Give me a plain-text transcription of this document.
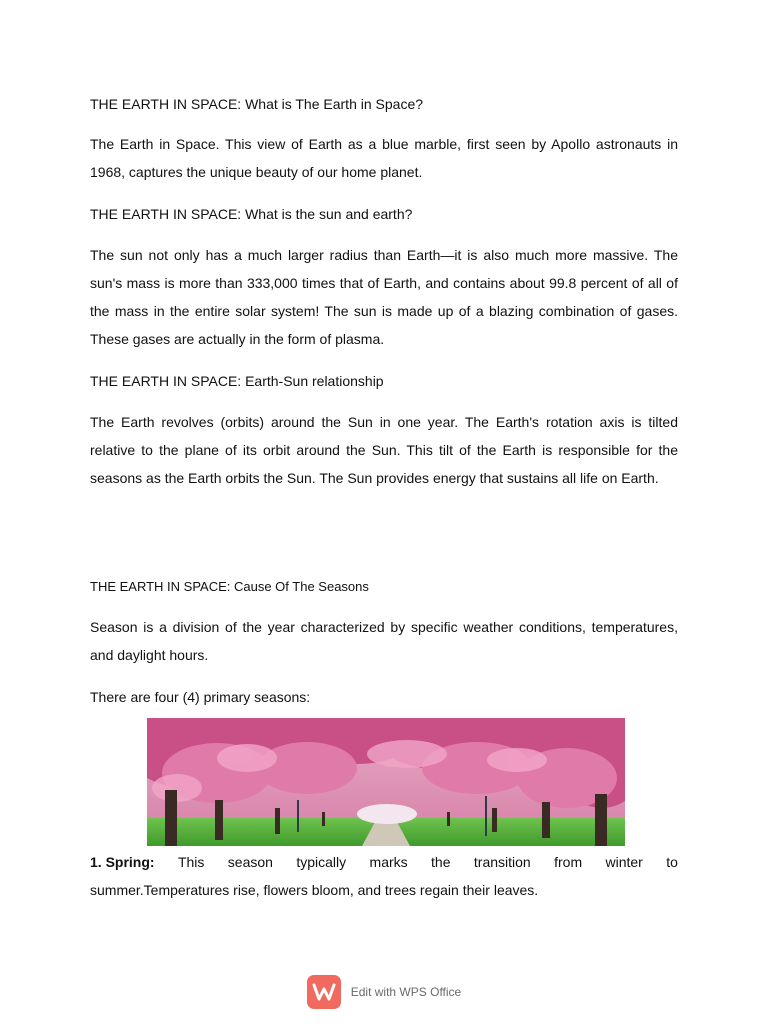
THE EARTH IN SPACE: What is The Earth in Space?
The Earth in Space. This view of Earth as a blue marble, first seen by Apollo astronauts in 1968, captures the unique beauty of our home planet.
THE EARTH IN SPACE: What is the sun and earth?
The sun not only has a much larger radius than Earth—it is also much more massive. The sun's mass is more than 333,000 times that of Earth, and contains about 99.8 percent of all of the mass in the entire solar system! The sun is made up of a blazing combination of gases. These gases are actually in the form of plasma.
THE EARTH IN SPACE: Earth-Sun relationship
The Earth revolves (orbits) around the Sun in one year. The Earth's rotation axis is tilted relative to the plane of its orbit around the Sun. This tilt of the Earth is responsible for the seasons as the Earth orbits the Sun. The Sun provides energy that sustains all life on Earth.
THE EARTH IN SPACE: Cause Of The Seasons
Season is a division of the year characterized by specific weather conditions, temperatures, and daylight hours.
There are four (4) primary seasons:
1. Spring: This season typically marks the transition from winter to
summer.Temperatures rise, flowers bloom, and trees regain their leaves.
Edit with WPS Office
